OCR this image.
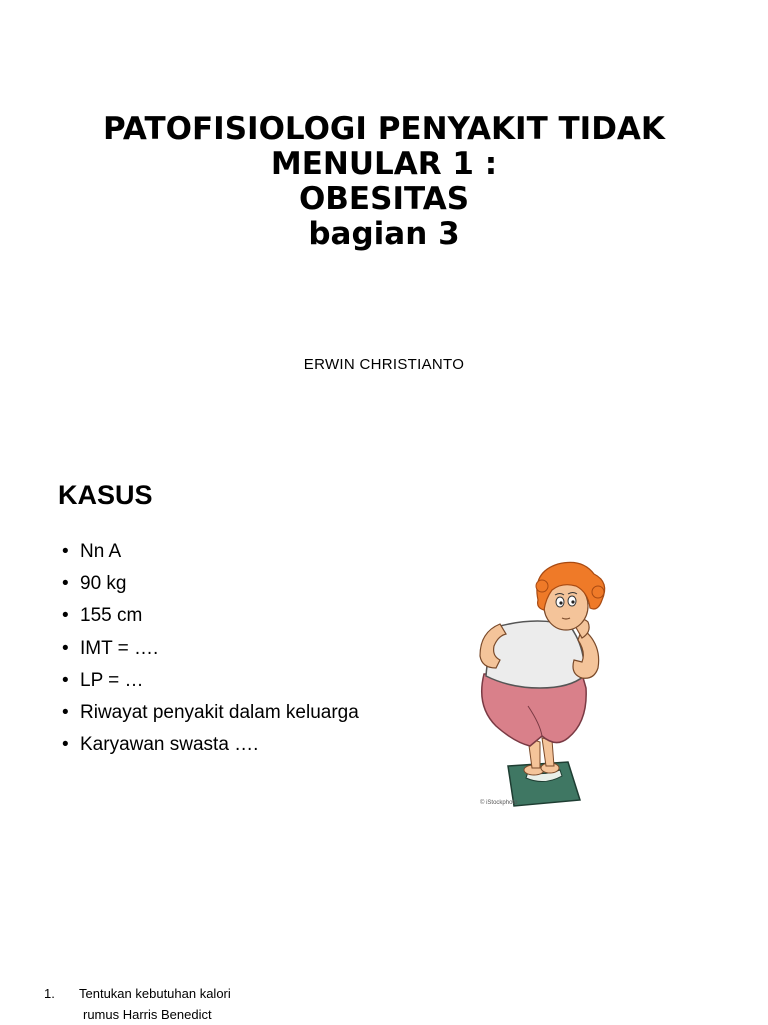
PATOFISIOLOGI PENYAKIT TIDAK
MENULAR 1 :
OBESITAS
bagian 3
ERWIN CHRISTIANTO
KASUS
• Nn A
• 90 kg
• 155 cm
• IMT = ….
• LP = …
• Riwayat penyakit dalam keluarga
• Karyawan swasta ….
© iStockphoto
1. Tentukan kebutuhan kalori
rumus Harris Benedict
